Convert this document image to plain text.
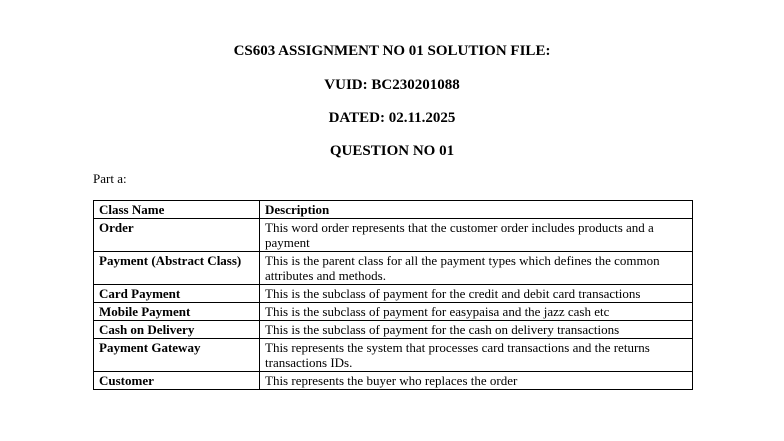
CS603 ASSIGNMENT NO 01 SOLUTION FILE:
VUID: BC230201088
DATED: 02.11.2025
QUESTION NO 01
Part a:
Class Name	Description
Order	This word order represents that the customer order includes products and a payment
Payment (Abstract Class)	This is the parent class for all the payment types which defines the common attributes and methods.
Card Payment	This is the subclass of payment for the credit and debit card transactions
Mobile Payment	This is the subclass of payment for easypaisa and the jazz cash etc
Cash on Delivery	This is the subclass of payment for the cash on delivery transactions
Payment Gateway	This represents the system that processes card transactions and the returns transactions IDs.
Customer	This represents the buyer who replaces the order
